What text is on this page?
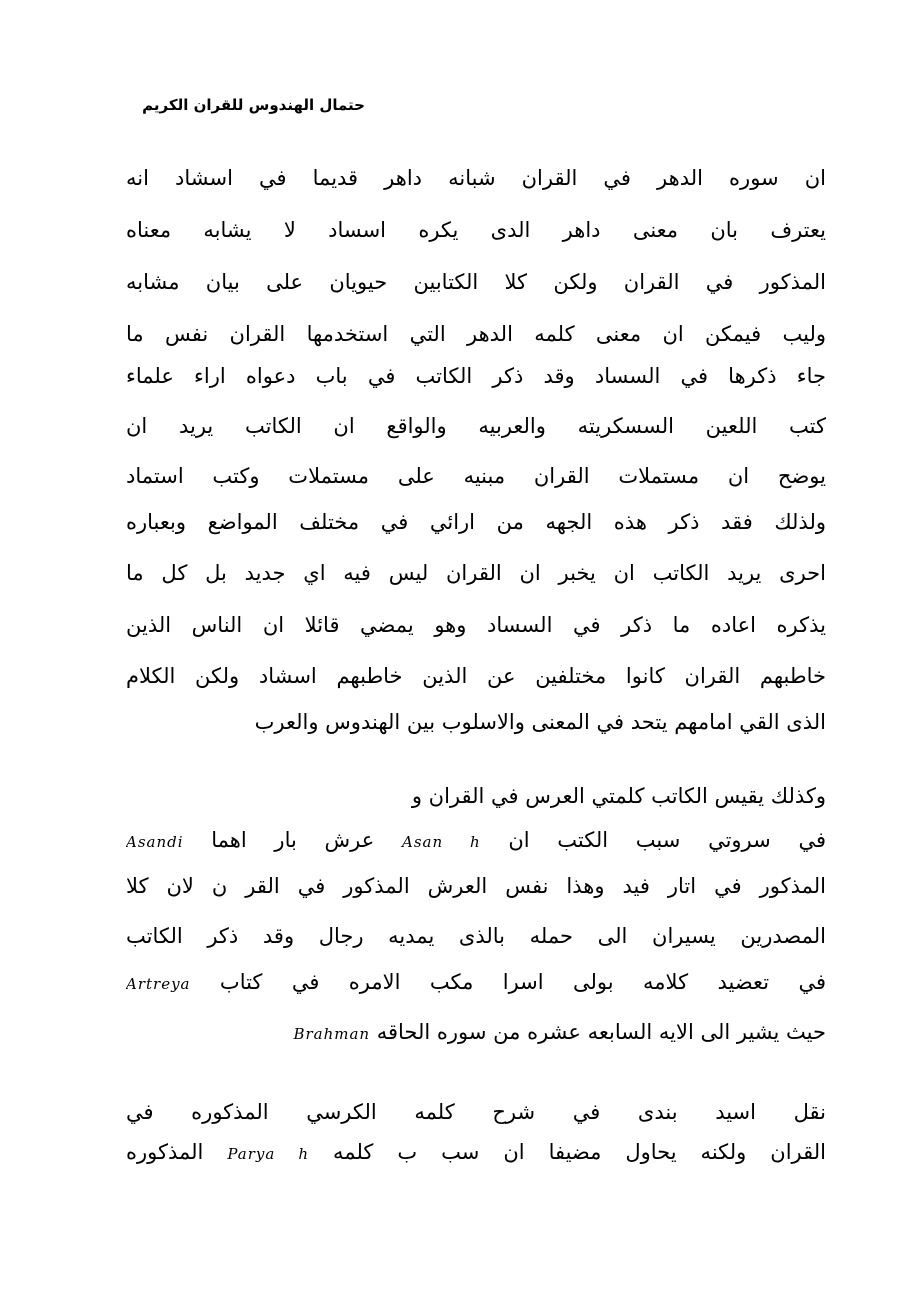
حتمال الهندوس للقران الكريم
ان سوره الدهر في القران شبانه داهر قديما في اسشاد انه
يعترف بان معنى داهر الدى يكره اسساد لا يشابه معناه
المذكور في القران ولكن كلا الكتابين حيويان على بيان مشابه
وليب فيمكن ان معنى كلمه الدهر التي استخدمها القران نفس ما
جاء ذكرها في السساد وقد ذكر الكاتب في باب دعواه اراء علماء
كتب اللعين السسكريته والعربيه والواقع ان الكاتب يريد ان
يوضح ان مستملات القران مبنيه على مستملات وكتب استماد
ولذلك فقد ذكر هذه الجهه من ارائي في مختلف المواضع وبعباره
احرى يريد الكاتب ان يخبر ان القران ليس فيه اي جديد بل كل ما
يذكره اعاده ما ذكر في السساد وهو يمضي قائلا ان الناس الذين
خاطبهم القران كانوا مختلفين عن الذين خاطبهم اسشاد ولكن الكلام
الذى القي امامهم يتحد في المعنى والاسلوب بين الهندوس والعرب
وكذلك يقيس الكاتب كلمتي العرس في القران و
في سروتي سبب الكتب ان Asan h عرش بار اهما Asandi
المذكور في اتار فيد وهذا نفس العرش المذكور في القر ن لان كلا
المصدرين يسيران الى حمله بالذى يمديه رجال وقد ذكر الكاتب
في تعضيد كلامه بولى اسرا مكب الامره في كتاب Artreya
حيث يشير الى الايه السابعه عشره من سوره الحاقه Brahman
نقل اسيد بندى في شرح كلمه الكرسي المذكوره في
القران ولكنه يحاول مضيفا ان سب ب كلمه Parya h المذكوره
